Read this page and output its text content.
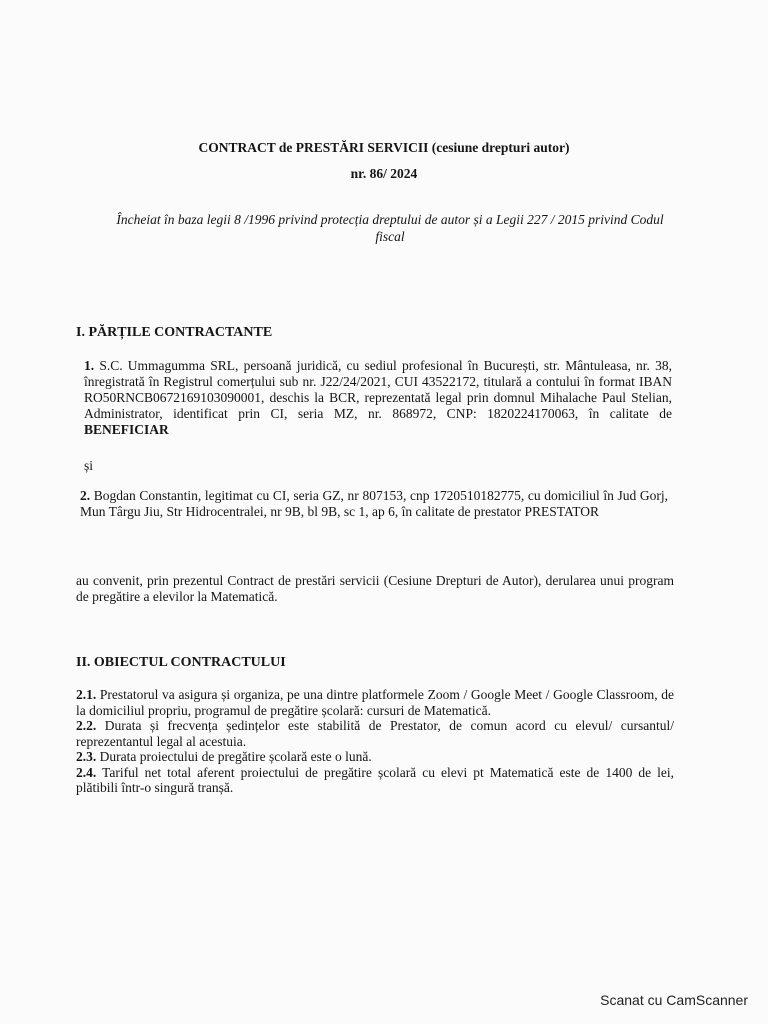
CONTRACT de PRESTĂRI SERVICII (cesiune drepturi autor)
nr. 86/ 2024
Încheiat în baza legii 8 /1996 privind protecția dreptului de autor și a Legii 227 / 2015 privind Codul fiscal
I. PĂRȚILE CONTRACTANTE
1. S.C. Ummagumma SRL, persoană juridică, cu sediul profesional în București, str. Mântuleasa, nr. 38, înregistrată în Registrul comerțului sub nr. J22/24/2021, CUI 43522172, titulară a contului în format IBAN RO50RNCB0672169103090001, deschis la BCR, reprezentată legal prin domnul Mihalache Paul Stelian, Administrator, identificat prin CI, seria MZ, nr. 868972, CNP: 1820224170063, în calitate de BENEFICIAR
și
2. Bogdan Constantin, legitimat cu CI, seria GZ, nr 807153, cnp 1720510182775, cu domiciliul în Jud Gorj, Mun Târgu Jiu, Str Hidrocentralei, nr 9B, bl 9B, sc 1, ap 6, în calitate de prestator PRESTATOR
au convenit, prin prezentul Contract de prestări servicii (Cesiune Drepturi de Autor), derularea unui program de pregătire a elevilor la Matematică.
II. OBIECTUL CONTRACTULUI

2.1. Prestatorul va asigura și organiza, pe una dintre platformele Zoom / Google Meet / Google Classroom, de la domiciliul propriu, programul de pregătire școlară: cursuri de Matematică.

2.2. Durata și frecvența ședințelor este stabilită de Prestator, de comun acord cu elevul/ cursantul/ reprezentantul legal al acestuia.

2.3. Durata proiectului de pregătire școlară este o lună.

2.4. Tariful net total aferent proiectului de pregătire școlară cu elevi pt Matematică este de 1400 de lei, plătibili într-o singură tranșă.

Scanat cu CamScanner
